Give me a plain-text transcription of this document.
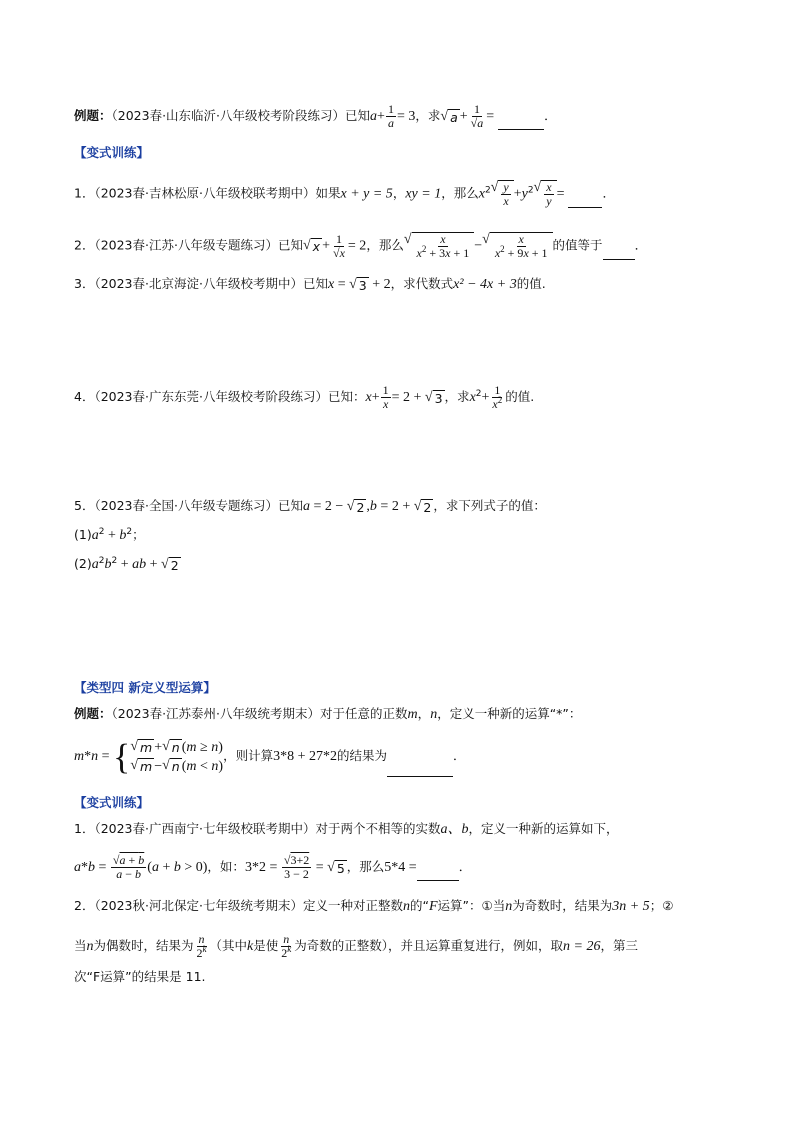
例题：（2023春·山东临沂·八年级校考阶段练习）已知$a+ \frac{1}{a} = 3$，求 √ $a + \frac{1}{√a}$ =	．
【变式训练】
1．（2023春·吉林松原·八年级校联考期中）如果x + y = 5，xy = 1，那么$x^2$ √ $\frac{y}{x} +y^2$ √ $\frac{x}{y}$ =	．
2．（2023春·江苏·八年级专题练习）已知 √ $x + \frac{1}{√x} = 2$，那么 √ $\frac{x}{x^2 + 3x + 1}$ − √ $\frac{x}{x^2 + 9x + 1}$ 的值等于	．
3．（2023春·北京海淀·八年级校考期中）已知x = √ 3 + 2，求代数式x² − 4x + 3的值.
4．（2023春·广东东莞·八年级校考阶段练习）已知：$x+ \frac{1}{x} = 2$ + √ 3 ，求$x^2+ \frac{1}{x^2}$ 的值.
5．（2023春·全国·八年级专题练习）已知a = 2 − √ 2 ,b = 2 + √ 2 ，求下列式子的值：
$(1)a^2 + b^2$；
$(2)a^2b^2$ + ab + √ 2
【类型四 新定义型运算】
例题：（2023春·江苏泰州·八年级统考期末）对于任意的正数m，n，定义一种新的运算“*”：
m*n = { √ m + √ n (m ≥ n)
√ m − √ n (m < n)
，则计算3*8 + 27*2的结果为	．
【变式训练】
1．（2023春·广西南宁·七年级校联考期中）对于两个不相等的实数a、b，定义一种新的运算如下，
$a*b = \frac{√a + b}{a - b} (a + b > 0)$，如：$3*2 = \frac{√3+2}{3 - 2}$ = √ 5 ，那么5*4 =	．
2．（2023秋·河北保定·七年级统考期末）定义一种对正整数n的“F运算”：①当n为奇数时，结果为3n + 5；②
当n为偶数时，结果为 $\frac{n}{2^k}$ （其中k是使 $\frac{n}{2^k}$ 为奇数的正整数），并且运算重复进行，例如，取n = 26，第三
次“F运算”的结果是 11.
